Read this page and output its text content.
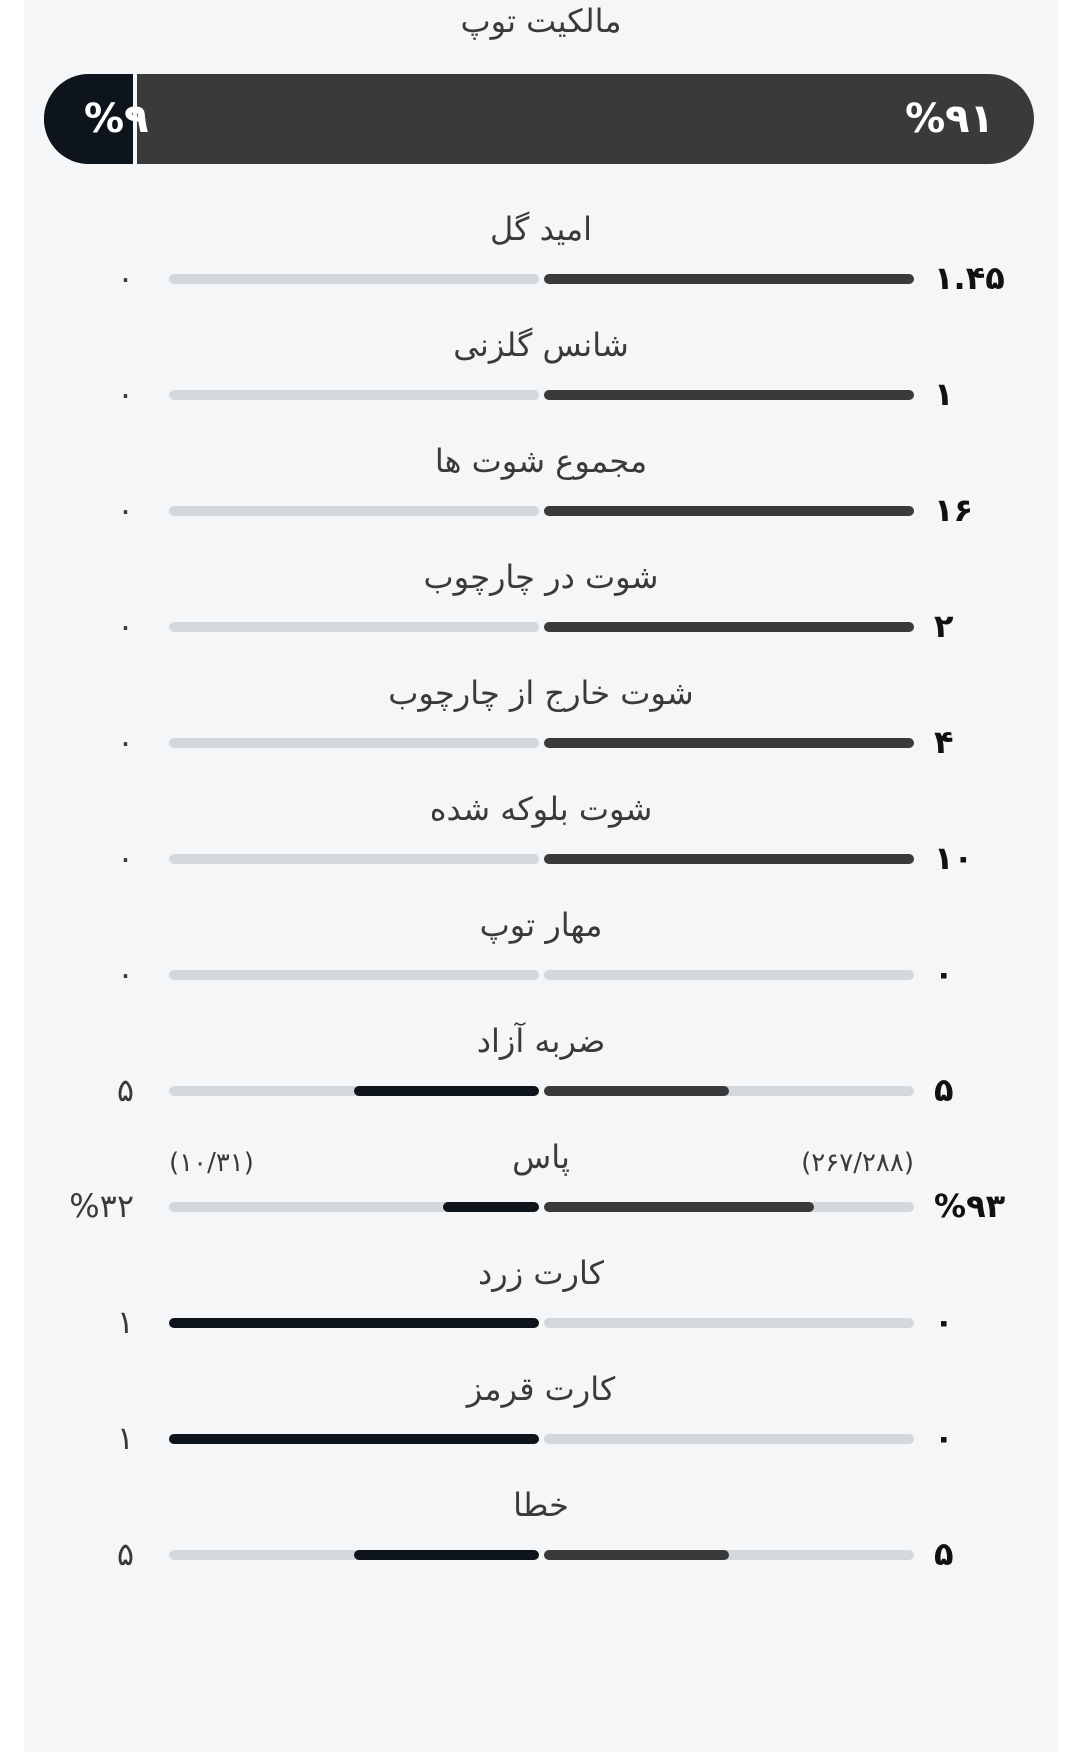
مالکیت توپ
%۹	%۹۱
امید گل
۱.۴۵
۰
شانس گلزنی
۱
۰
مجموع شوت ها
۱۶
۰
شوت در چارچوب
۲
۰
شوت خارج از چارچوب
۴
۰
شوت بلوکه شده
۱۰
۰
مهار توپ
۰
۰
ضربه آزاد
۵
۵
پاس
%۹۳
%۳۲
(۲۶۷/۲۸۸)
(۱۰/۳۱)
کارت زرد
۰
۱
کارت قرمز
۰
۱
خطا
۵
۵
